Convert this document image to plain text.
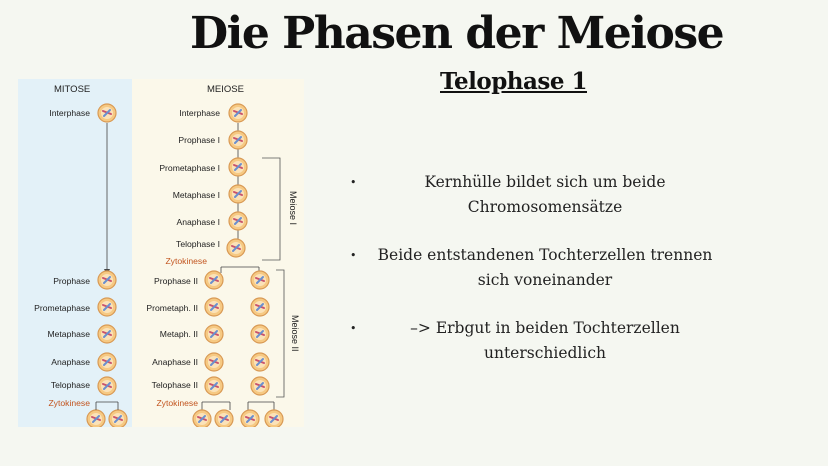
Die Phasen der Meiose
Telophase 1
MITOSE	MEIOSE
Interphase
Prophase
Prometaphase
Metaphase
Anaphase
Telophase
Zytokinese
Interphase
Prophase I
Prometaphase I
Metaphase I
Anaphase I
Telophase I
Zytokinese
Prophase II
Prometaph. II
Metaph. II
Anaphase II
Telophase II
Zytokinese
Meiose I
Meiose II
•	Kernhülle bildet sich um beide Chromosomensätze
•	Beide entstandenen Tochterzellen trennen sich voneinander
•	–> Erbgut in beiden Tochterzellen unterschiedlich
